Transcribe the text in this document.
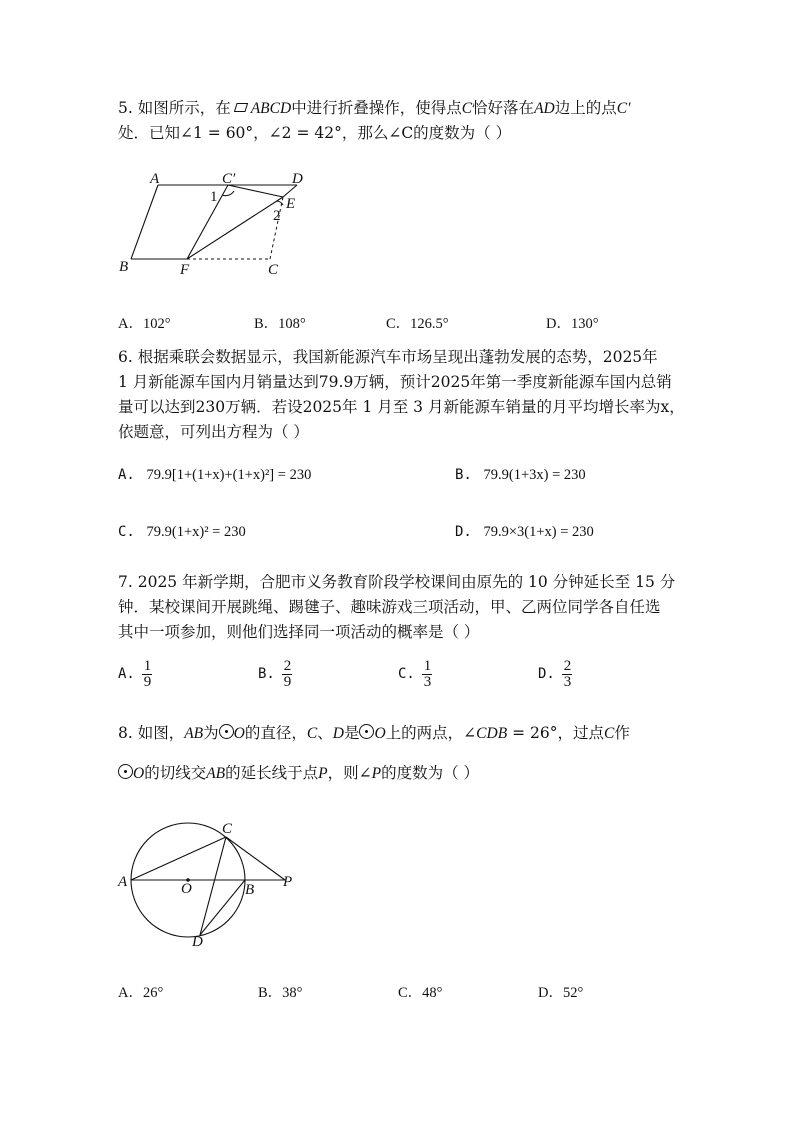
5. 如图所示，在 ABCD中进行折叠操作，使得点C恰好落在AD边上的点C′
处．已知∠1 = 60°，∠2 = 42°，那么∠C的度数为（ ）
A	C′	D
E
1
2
B	F	C
A．102°	B．108°	C．126.5°	D．130°
6. 根据乘联会数据显示，我国新能源汽车市场呈现出蓬勃发展的态势，2025年
1 月新能源车国内月销量达到79.9万辆，预计2025年第一季度新能源车国内总销
量可以达到230万辆．若设2025年 1 月至 3 月新能源车销量的月平均增长率为x，
依题意，可列出方程为（ ）
A. 79.9[1+(1+x)+(1+x)²] = 230	B. 79.9(1+3x) = 230
C. 79.9(1+x)² = 230	D. 79.9×3(1+x) = 230
7. 2025 年新学期，合肥市义务教育阶段学校课间由原先的 10 分钟延长至 15 分
钟．某校课间开展跳绳、踢毽子、趣味游戏三项活动，甲、乙两位同学各自任选
其中一项参加，则他们选择同一项活动的概率是（ ）
A. $\frac{1}{9}$	B. $\frac{2}{9}$	C. $\frac{1}{3}$	D. $\frac{2}{3}$
8. 如图，AB为 O的直径，C、D是 O上的两点，∠CDB = 26°，过点C作
O的切线交AB的延长线于点P，则∠P的度数为（ ）
C
A	O	B P
D
A．26°	B．38°	C．48°	D．52°
